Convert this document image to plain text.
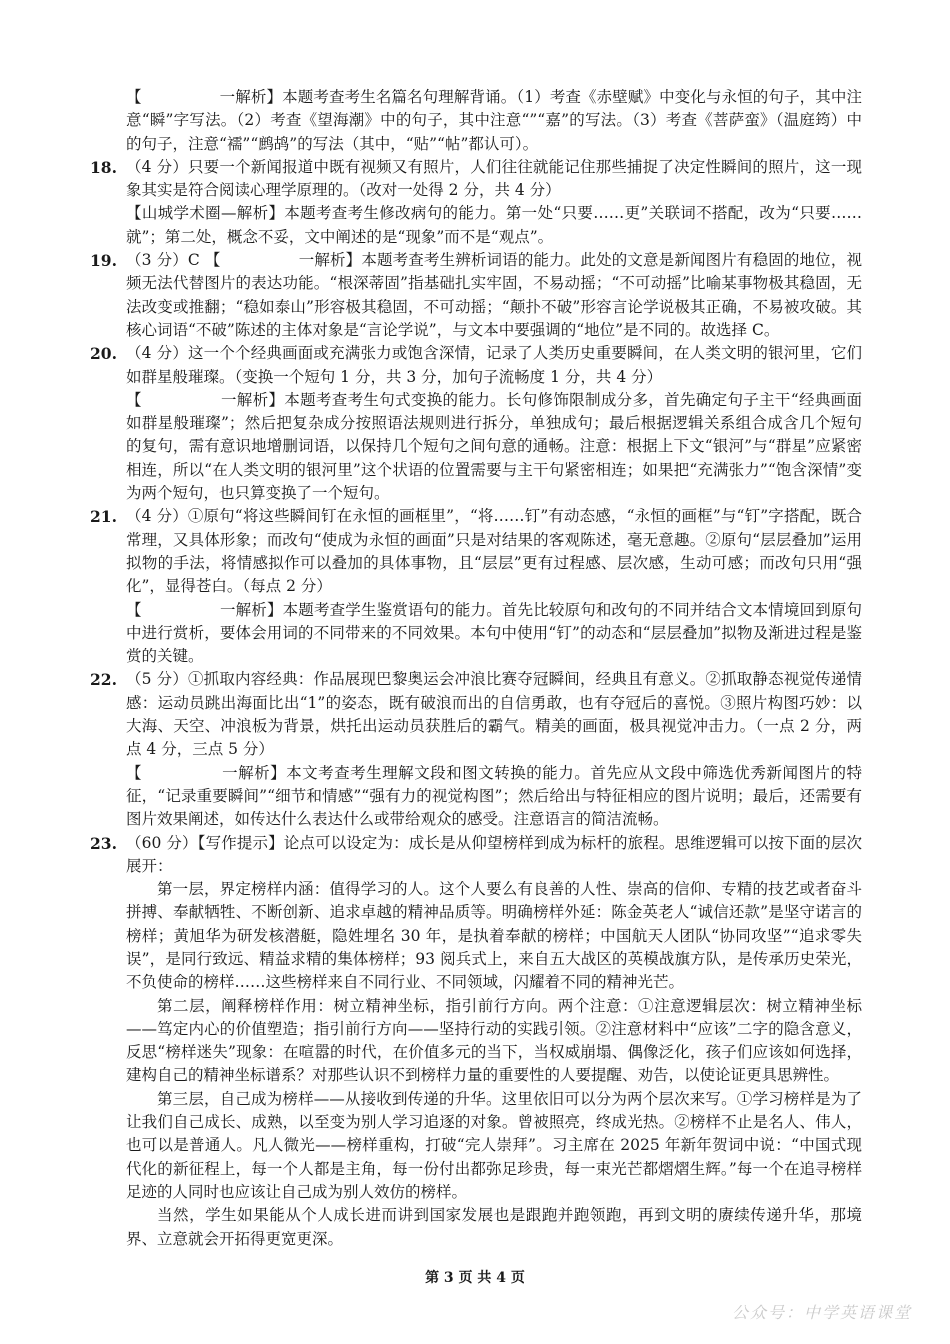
【　　　　　一解析】本题考查考生名篇名句理解背诵。（1）考查《赤壁赋》中变化与永恒的句子，其中注意“瞬”字写法。（2）考查《望海潮》中的句子，其中注意“”“嘉”的写法。（3）考查《菩萨蛮》（温庭筠）中的句子，注意“襦”“鹧鸪”的写法（其中，“贴”“帖”都认可）。

18. （4 分）只要一个新闻报道中既有视频又有照片，人们往往就能记住那些捕捉了决定性瞬间的照片，这一现象其实是符合阅读心理学原理的。（改对一处得 2 分，共 4 分）

【山城学术圈—解析】本题考查考生修改病句的能力。第一处“只要……更”关联词不搭配，改为“只要……就”；第二处，概念不妥，文中阐述的是“现象”而不是“观点”。

19. （3 分）C 【　　　　　一解析】本题考查考生辨析词语的能力。此处的文意是新闻图片有稳固的地位，视频无法代替图片的表达功能。“根深蒂固”指基础扎实牢固，不易动摇；“不可动摇”比喻某事物极其稳固，无法改变或推翻；“稳如泰山”形容极其稳固，不可动摇；“颠扑不破”形容言论学说极其正确，不易被攻破。其核心词语“不破”陈述的主体对象是“言论学说”，与文本中要强调的“地位”是不同的。故选择 C。

20. （4 分）这一个个经典画面或充满张力或饱含深情，记录了人类历史重要瞬间，在人类文明的银河里，它们如群星般璀璨。（变换一个短句 1 分，共 3 分，加句子流畅度 1 分，共 4 分）

【　　　　　一解析】本题考查考生句式变换的能力。长句修饰限制成分多，首先确定句子主干“经典画面如群星般璀璨”；然后把复杂成分按照语法规则进行拆分，单独成句；最后根据逻辑关系组合成含几个短句的复句，需有意识地增删词语，以保持几个短句之间句意的通畅。注意：根据上下文“银河”与“群星”应紧密相连，所以“在人类文明的银河里”这个状语的位置需要与主干句紧密相连；如果把“充满张力”“饱含深情”变为两个短句，也只算变换了一个短句。

21. （4 分）①原句“将这些瞬间钉在永恒的画框里”，“将……钉”有动态感，“永恒的画框”与“钉”字搭配，既合常理，又具体形象；而改句“使成为永恒的画面”只是对结果的客观陈述，毫无意趣。②原句“层层叠加”运用拟物的手法，将情感拟作可以叠加的具体事物，且“层层”更有过程感、层次感，生动可感；而改句只用“强化”，显得苍白。（每点 2 分）

【　　　　　一解析】本题考查学生鉴赏语句的能力。首先比较原句和改句的不同并结合文本情境回到原句中进行赏析，要体会用词的不同带来的不同效果。本句中使用“钉”的动态和“层层叠加”拟物及渐进过程是鉴赏的关键。

22. （5 分）①抓取内容经典：作品展现巴黎奥运会冲浪比赛夺冠瞬间，经典且有意义。②抓取静态视觉传递情感：运动员跳出海面比出“1”的姿态，既有破浪而出的自信勇敢，也有夺冠后的喜悦。③照片构图巧妙：以大海、天空、冲浪板为背景，烘托出运动员获胜后的霸气。精美的画面，极具视觉冲击力。（一点 2 分，两点 4 分，三点 5 分）

【　　　　　一解析】本文考查考生理解文段和图文转换的能力。首先应从文段中筛选优秀新闻图片的特征，“记录重要瞬间”“细节和情感”“强有力的视觉构图”；然后给出与特征相应的图片说明；最后，还需要有图片效果阐述，如传达什么表达什么或带给观众的感受。注意语言的简洁流畅。

23. （60 分）【写作提示】论点可以设定为：成长是从仰望榜样到成为标杆的旅程。思维逻辑可以按下面的层次展开：

第一层，界定榜样内涵：值得学习的人。这个人要么有良善的人性、崇高的信仰、专精的技艺或者奋斗拼搏、奉献牺牲、不断创新、追求卓越的精神品质等。明确榜样外延：陈金英老人“诚信还款”是坚守诺言的榜样；黄旭华为研发核潜艇，隐姓埋名 30 年，是执着奉献的榜样；中国航天人团队“协同攻坚”“追求零失误”，是同行致远、精益求精的集体榜样；93 阅兵式上，来自五大战区的英模战旗方队，是传承历史荣光，不负使命的榜样……这些榜样来自不同行业、不同领域，闪耀着不同的精神光芒。

第二层，阐释榜样作用：树立精神坐标，指引前行方向。两个注意：①注意逻辑层次：树立精神坐标——笃定内心的价值塑造；指引前行方向——坚持行动的实践引领。②注意材料中“应该”二字的隐含意义，反思“榜样迷失”现象：在喧嚣的时代，在价值多元的当下，当权威崩塌、偶像泛化，孩子们应该如何选择，建构自己的精神坐标谱系？对那些认识不到榜样力量的重要性的人要提醒、劝告，以使论证更具思辨性。

第三层，自己成为榜样——从接收到传递的升华。这里依旧可以分为两个层次来写。①学习榜样是为了让我们自己成长、成熟，以至变为别人学习追逐的对象。曾被照亮，终成光热。②榜样不止是名人、伟人，也可以是普通人。凡人微光——榜样重构，打破“完人崇拜”。习主席在 2025 年新年贺词中说：“中国式现代化的新征程上，每一个人都是主角，每一份付出都弥足珍贵，每一束光芒都熠熠生辉。”每一个在追寻榜样足迹的人同时也应该让自己成为别人效仿的榜样。

当然，学生如果能从个人成长进而讲到国家发展也是跟跑并跑领跑，再到文明的赓续传递升华，那境界、立意就会开拓得更宽更深。

第 3 页 共 4 页
公众号：中学英语课堂
